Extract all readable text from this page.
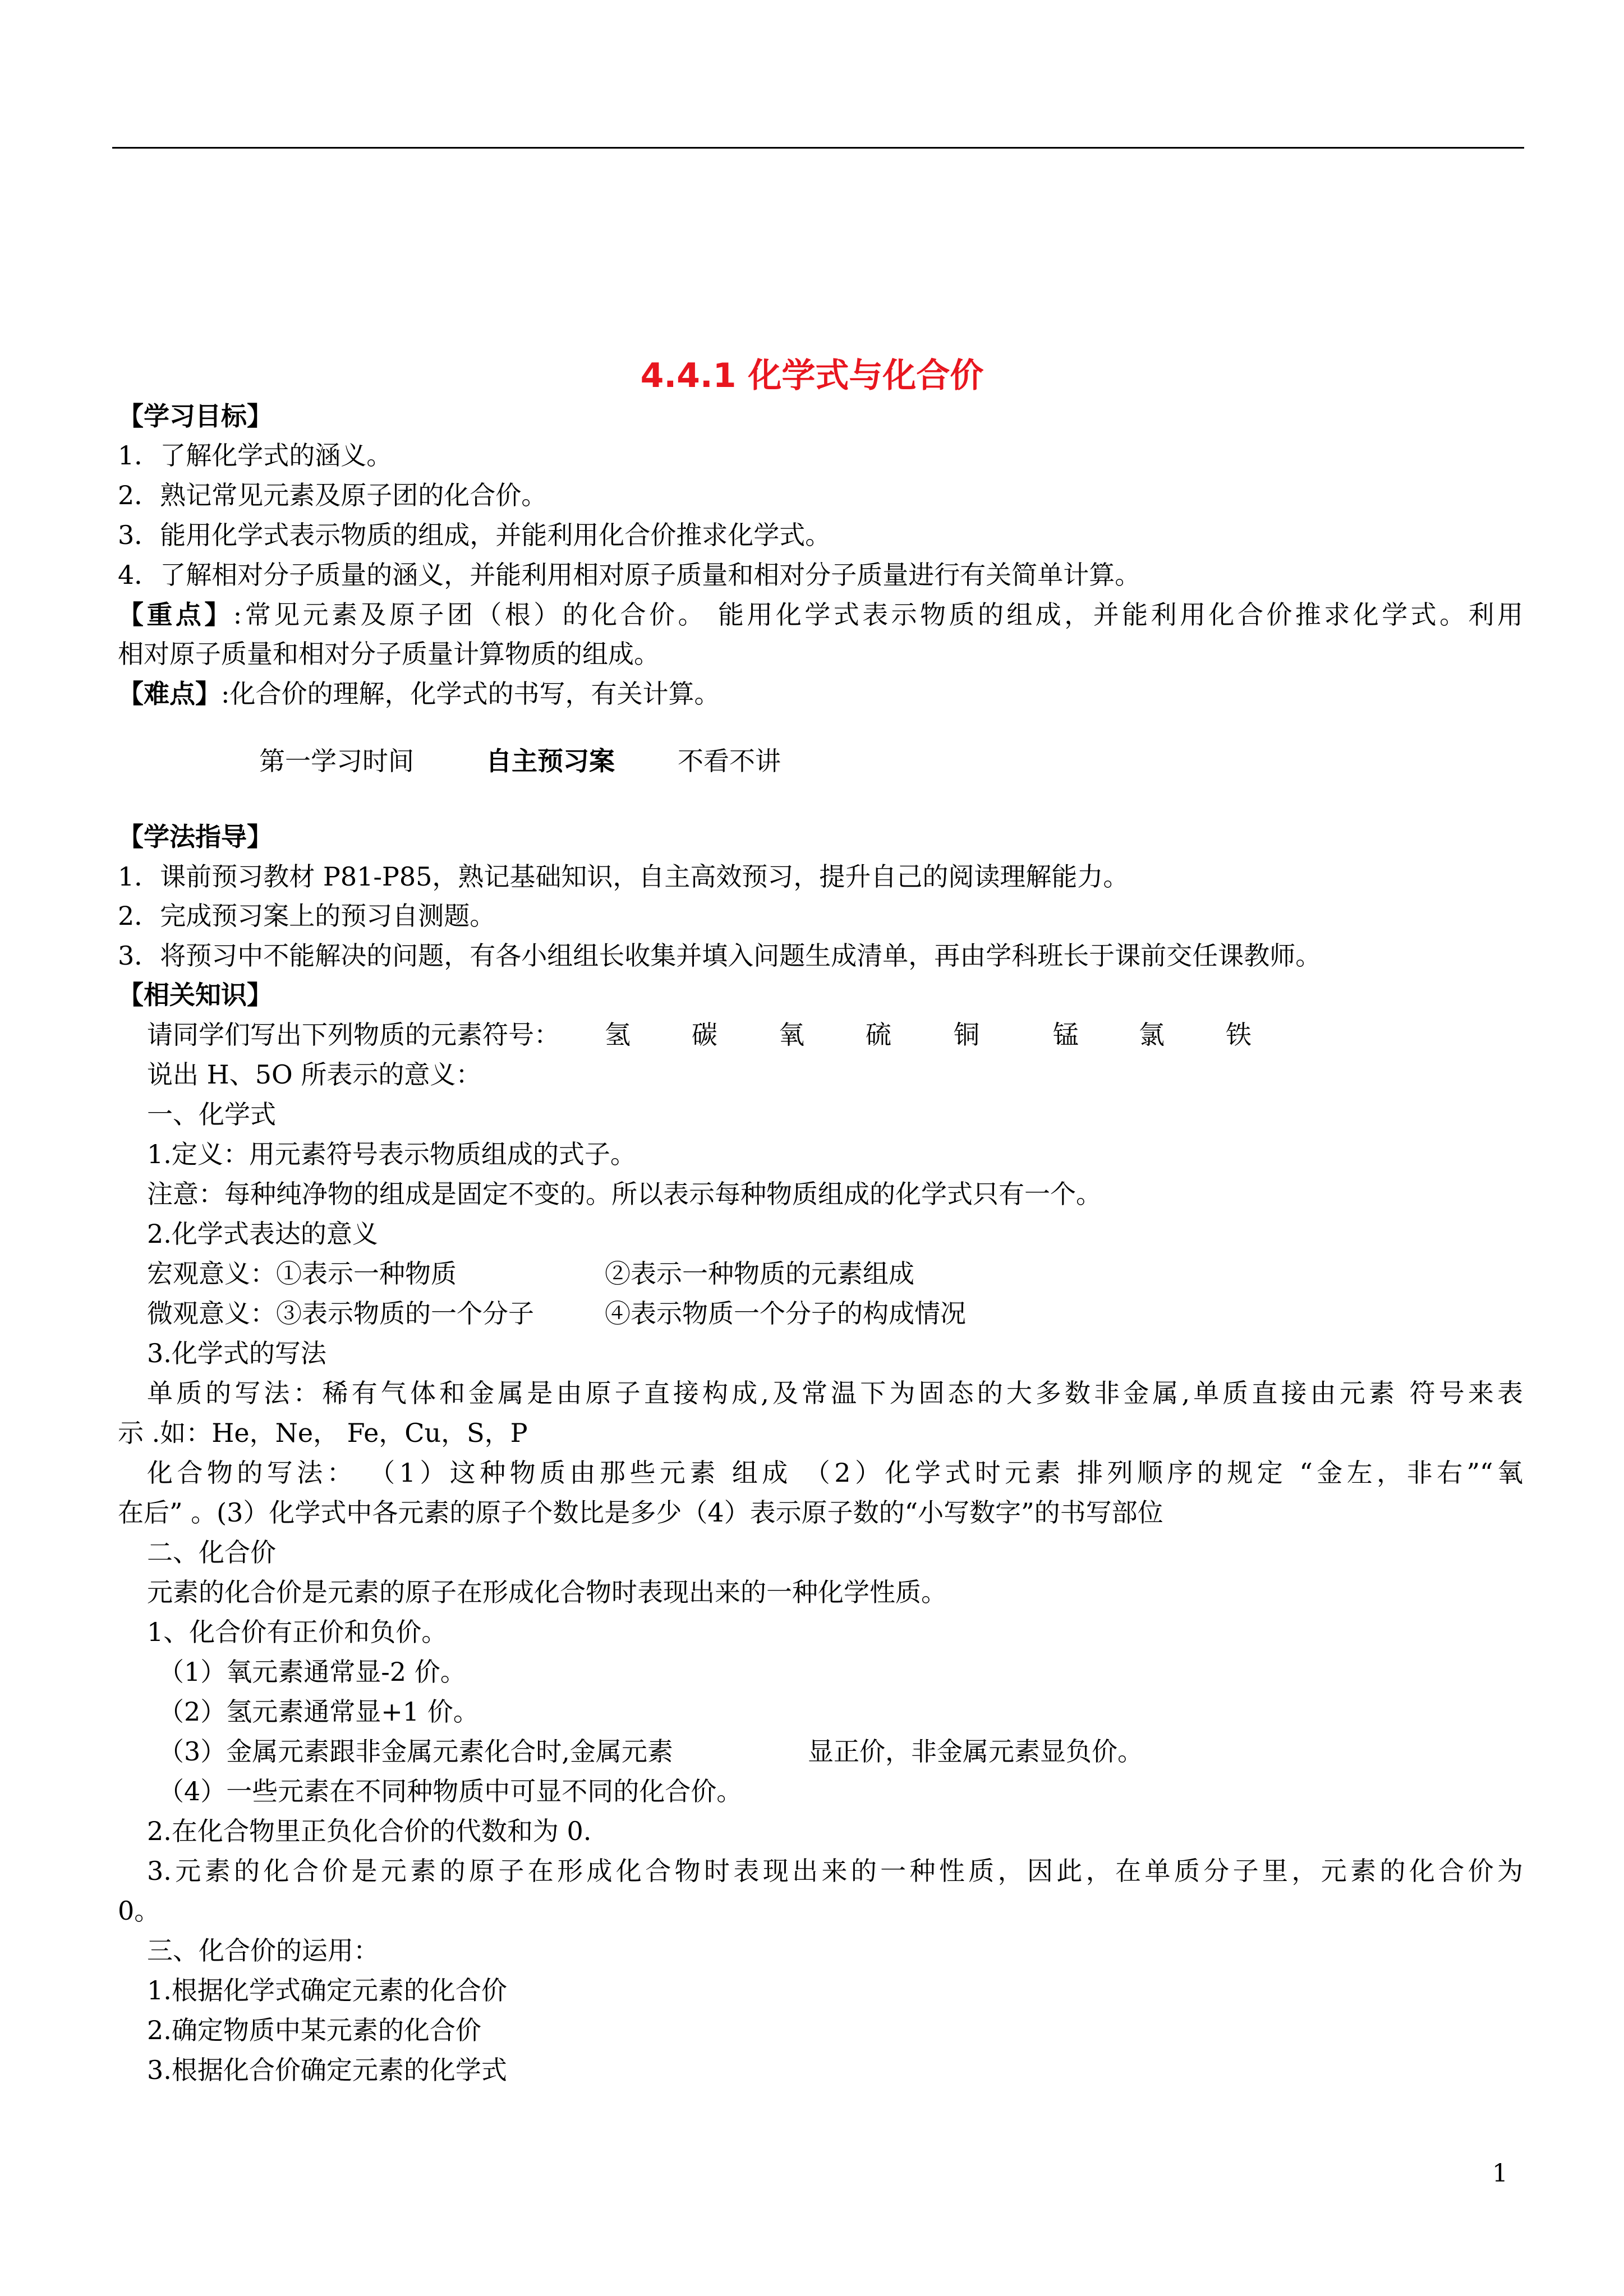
4.4.1 化学式与化合价
【学习目标】
1．了解化学式的涵义。
2．熟记常见元素及原子团的化合价。
3．能用化学式表示物质的组成，并能利用化合价推求化学式。
4．了解相对分子质量的涵义，并能利用相对原子质量和相对分子质量进行有关简单计算。
【重点】:常见元素及原子团（根）的化合价。 能用化学式表示物质的组成，并能利用化合价推求化学式。利用
相对原子质量和相对分子质量计算物质的组成。
【难点】:化合价的理解，化学式的书写，有关计算。
第一学习时间	自主预习案	不看不讲
【学法指导】
1．课前预习教材 P81-P85，熟记基础知识，自主高效预习，提升自己的阅读理解能力。
2．完成预习案上的预习自测题。
3．将预习中不能解决的问题，有各小组组长收集并填入问题生成清单，再由学科班长于课前交任课教师。
【相关知识】
请同学们写出下列物质的元素符号：	氢	碳	氧	硫	铜	锰	氯	铁
说出 H、5O 所表示的意义：
一、化学式
1.定义：用元素符号表示物质组成的式子。
注意：每种纯净物的组成是固定不变的。所以表示每种物质组成的化学式只有一个。
2.化学式表达的意义
宏观意义：①表示一种物质	②表示一种物质的元素组成
微观意义：③表示物质的一个分子	④表示物质一个分子的构成情况
3.化学式的写法
单质的写法：稀有气体和金属是由原子直接构成,及常温下为固态的大多数非金属,单质直接由元素 符号来表
示 .如：He，Ne， Fe，Cu，S，P
化合物的写法： （1）这种物质由那些元素 组成 （2）化学式时元素 排列顺序的规定 “金左，非右”“氧
在后” 。(3）化学式中各元素的原子个数比是多少（4）表示原子数的“小写数字”的书写部位
二、化合价
元素的化合价是元素的原子在形成化合物时表现出来的一种化学性质。
1、化合价有正价和负价。
（1）氧元素通常显-2 价。
（2）氢元素通常显+1 价。
（3）金属元素跟非金属元素化合时,金属元素	显正价，非金属元素显负价。
（4）一些元素在不同种物质中可显不同的化合价。
2.在化合物里正负化合价的代数和为 0.
3.元素的化合价是元素的原子在形成化合物时表现出来的一种性质，因此，在单质分子里，元素的化合价为
0。
三、化合价的运用：
1.根据化学式确定元素的化合价
2.确定物质中某元素的化合价
3.根据化合价确定元素的化学式
1
